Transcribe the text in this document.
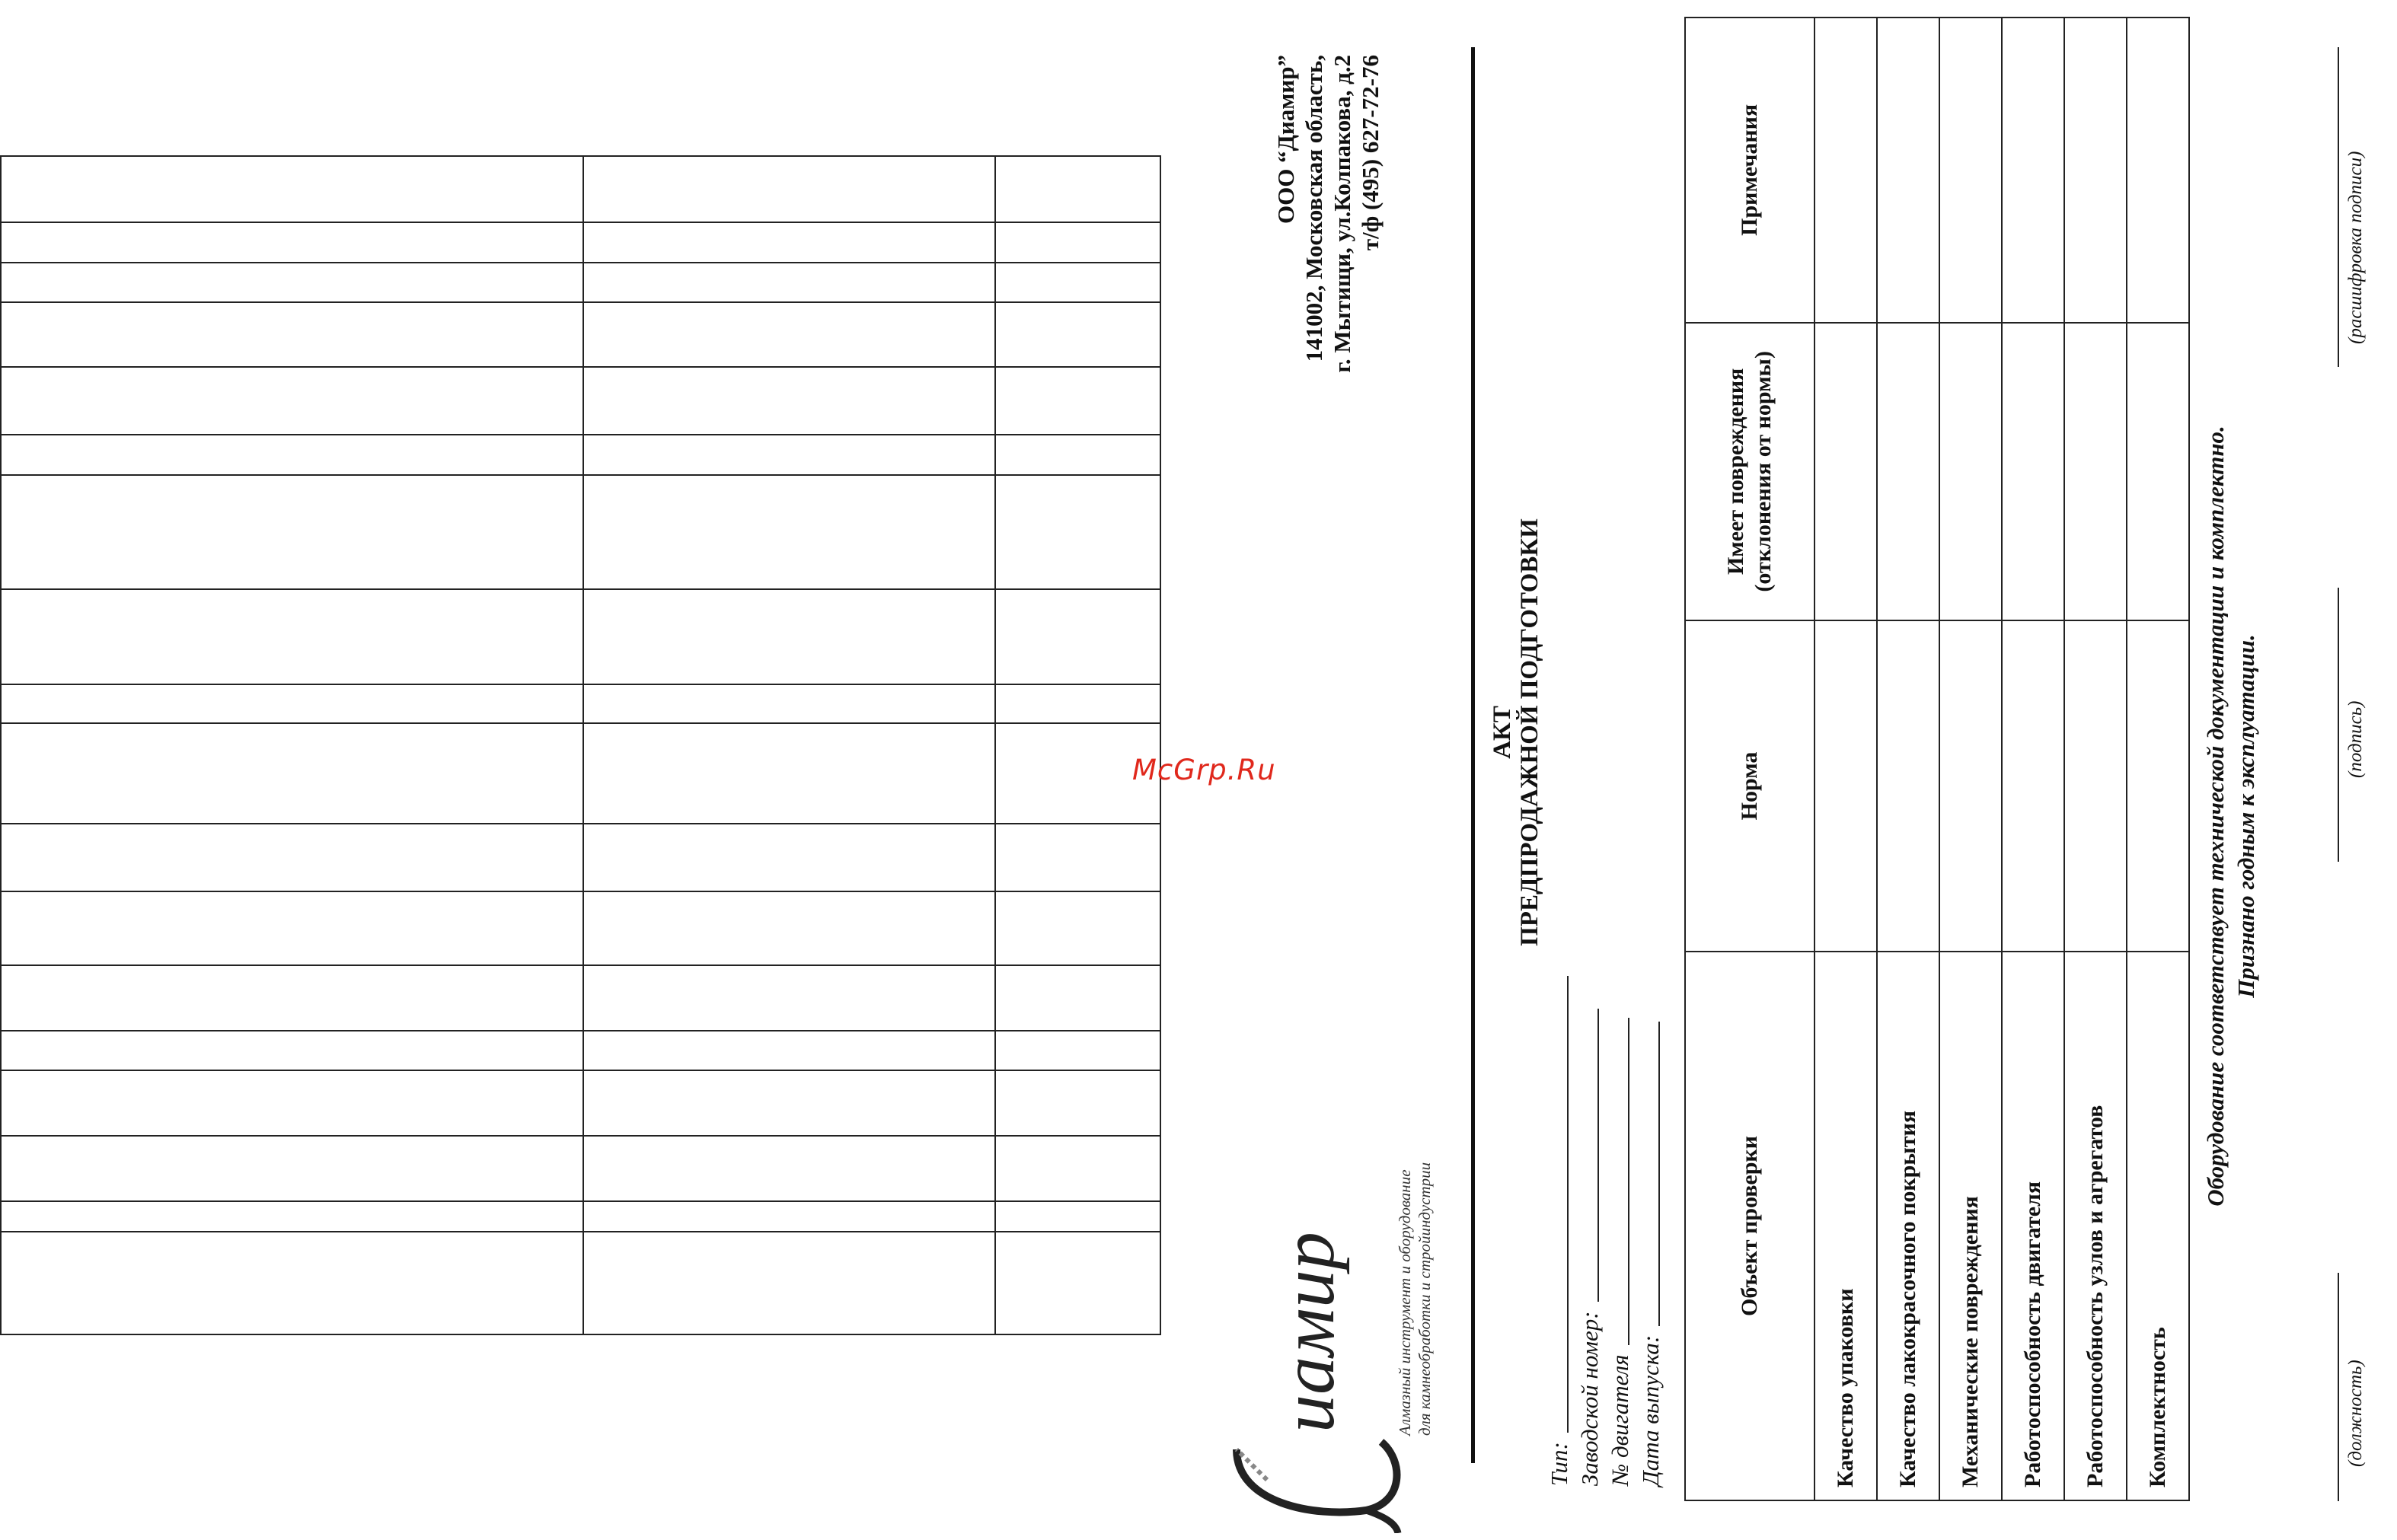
McGrp.Ru
иамир	Алмазный инструмент и оборудование для камнеобработки и стройиндустрии
ООО “Диамир” 141002, Московская область, г. Мытищи, ул.Колпакова, д.2 т/ф (495) 627-72-76
АКТ ПРЕДПРОДАЖНОЙ ПОДГОТОВКИ
Тип: Заводской номер: № двигателя Дата выпуска:
Объект проверки	Норма	Имеет повреждения (отклонения от нормы)	Примечания
Качество упаковки			
Качество лакокрасочного покрытия			
Механические повреждения			
Работоспособность двигателя			
Работоспособность узлов и агрегатов			
Комплектность			
Оборудование соответствует технической документации и комплектно. Признано годным к эксплуатации.
(должность)
(подпись)
(расшифровка подписи)
